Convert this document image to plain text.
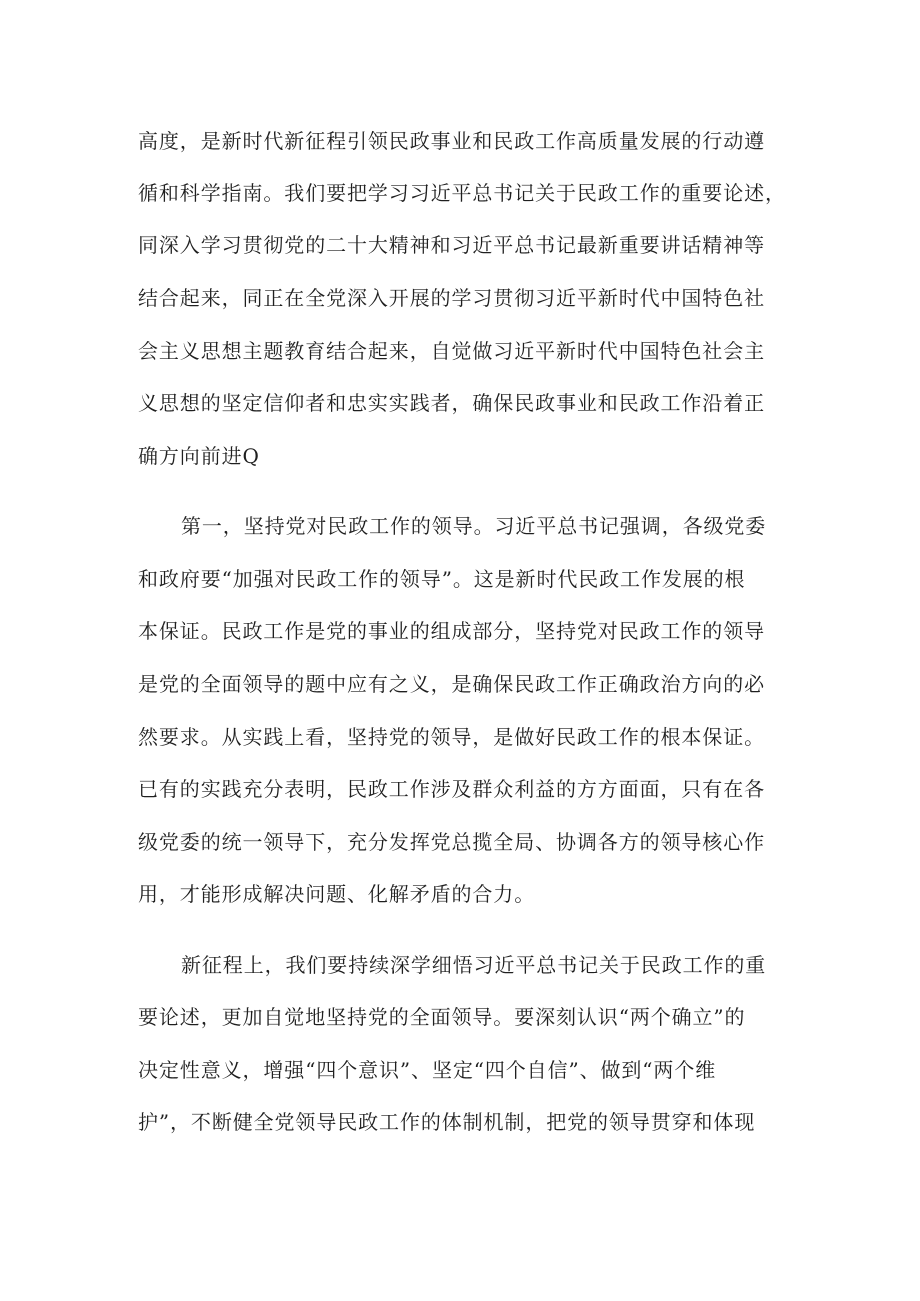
高度，是新时代新征程引领民政事业和民政工作高质量发展的行动遵
循和科学指南。我们要把学习习近平总书记关于民政工作的重要论述，
同深入学习贯彻党的二十大精神和习近平总书记最新重要讲话精神等
结合起来，同正在全党深入开展的学习贯彻习近平新时代中国特色社
会主义思想主题教育结合起来，自觉做习近平新时代中国特色社会主
义思想的坚定信仰者和忠实实践者，确保民政事业和民政工作沿着正
确方向前进Q
第一，坚持党对民政工作的领导。习近平总书记强调，各级党委
和政府要“加强对民政工作的领导”。这是新时代民政工作发展的根
本保证。民政工作是党的事业的组成部分，坚持党对民政工作的领导
是党的全面领导的题中应有之义，是确保民政工作正确政治方向的必
然要求。从实践上看，坚持党的领导，是做好民政工作的根本保证。
已有的实践充分表明，民政工作涉及群众利益的方方面面，只有在各
级党委的统一领导下，充分发挥党总揽全局、协调各方的领导核心作
用，才能形成解决问题、化解矛盾的合力。
新征程上，我们要持续深学细悟习近平总书记关于民政工作的重
要论述，更加自觉地坚持党的全面领导。要深刻认识“两个确立”的
决定性意义，增强“四个意识”、坚定“四个自信”、做到“两个维
护”，不断健全党领导民政工作的体制机制，把党的领导贯穿和体现
